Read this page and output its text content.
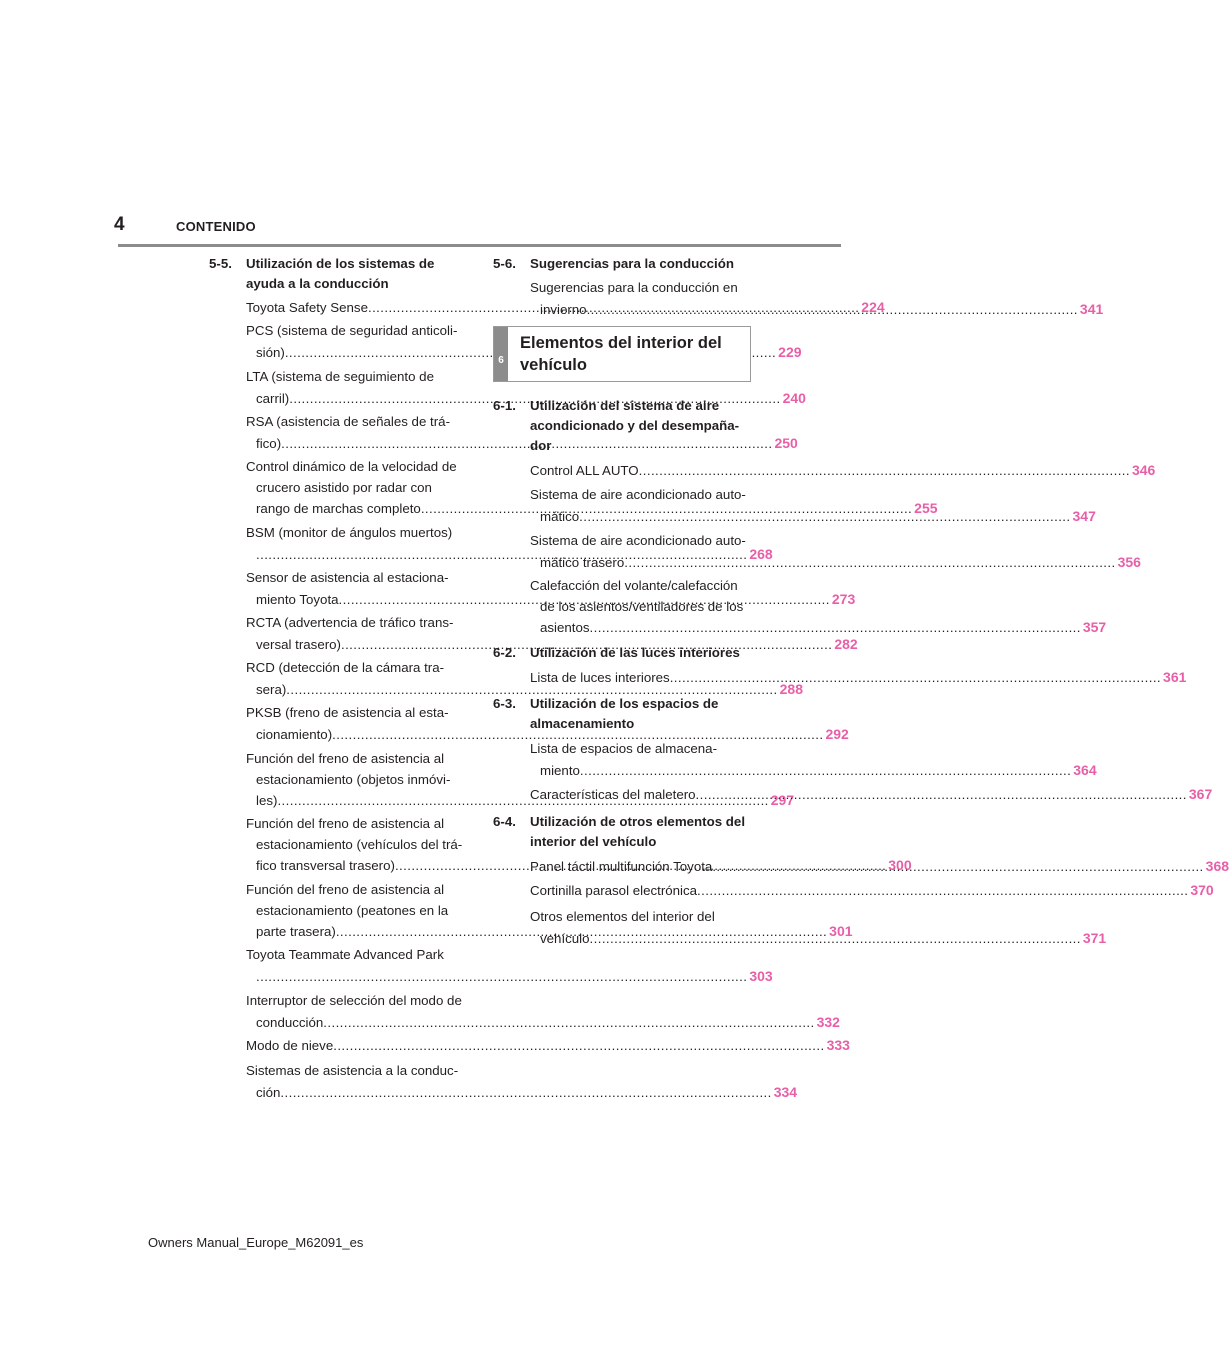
4	CONTENIDO
5-5. Utilización de los sistemas de
ayuda a la conducción
Toyota Safety Sense .....	224
PCS (sistema de seguridad anticoli-
sión) .....	229
LTA (sistema de seguimiento de
carril) .....	240
RSA (asistencia de señales de trá-
fico) .....	250
Control dinámico de la velocidad de
crucero asistido por radar con
rango de marchas completo .....	255
BSM (monitor de ángulos muertos)
..... 268
Sensor de asistencia al estaciona-
miento Toyota .....	273
RCTA (advertencia de tráfico trans-
versal trasero) .....	282
RCD (detección de la cámara tra-
sera) .....	288
PKSB (freno de asistencia al esta-
cionamiento) .....	292
Función del freno de asistencia al
estacionamiento (objetos inmóvi-
les) .....	297
Función del freno de asistencia al
estacionamiento (vehículos del trá-
fico transversal trasero) .....	300
Función del freno de asistencia al
estacionamiento (peatones en la
parte trasera) .....	301
Toyota Teammate Advanced Park
..... 303
Interruptor de selección del modo de
conducción .....	332
Modo de nieve .....	333
Sistemas de asistencia a la conduc-
ción .....	334
5-6. Sugerencias para la conducción
Sugerencias para la conducción en
invierno .....	341
6-1. Utilización del sistema de aire
acondicionado y del desempaña-
dor
Control ALL AUTO .....	346
Sistema de aire acondicionado auto-
mático .....	347
Sistema de aire acondicionado auto-
mático trasero .....	356
Calefacción del volante/calefacción
de los asientos/ventiladores de los
asientos .....	357
6-2. Utilización de las luces interiores
Lista de luces interiores .....	361
6-3. Utilización de los espacios de
almacenamiento
Lista de espacios de almacena-
miento .....	364
Características del maletero .....	367
6-4. Utilización de otros elementos del
interior del vehículo
Panel táctil multifunción Toyota .....	368
Cortinilla parasol electrónica .....	370
Otros elementos del interior del
vehículo .....	371
6
Elementos del interior del
vehículo
Owners Manual_Europe_M62091_es
